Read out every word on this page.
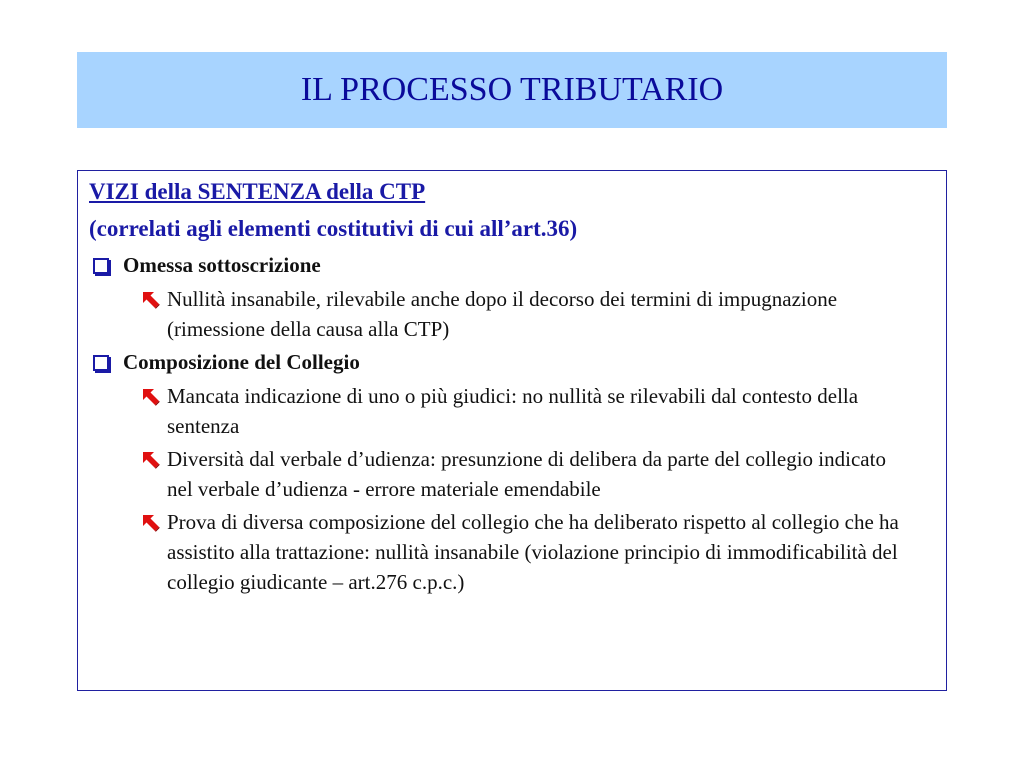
IL PROCESSO TRIBUTARIO
VIZI della SENTENZA della CTP
(correlati agli elementi costitutivi di cui all’art.36)
Omessa sottoscrizione
Nullità insanabile, rilevabile anche dopo il decorso dei termini di impugnazione (rimessione della causa alla CTP)
Composizione del Collegio
Mancata indicazione di uno o più giudici: no nullità se rilevabili dal contesto della sentenza
Diversità dal verbale d’udienza: presunzione di delibera da parte del collegio indicato nel verbale d’udienza - errore materiale emendabile
Prova di diversa composizione del collegio che ha deliberato rispetto al collegio che ha assistito alla trattazione: nullità insanabile (violazione principio di immodificabilità del collegio giudicante – art.276 c.p.c.)
